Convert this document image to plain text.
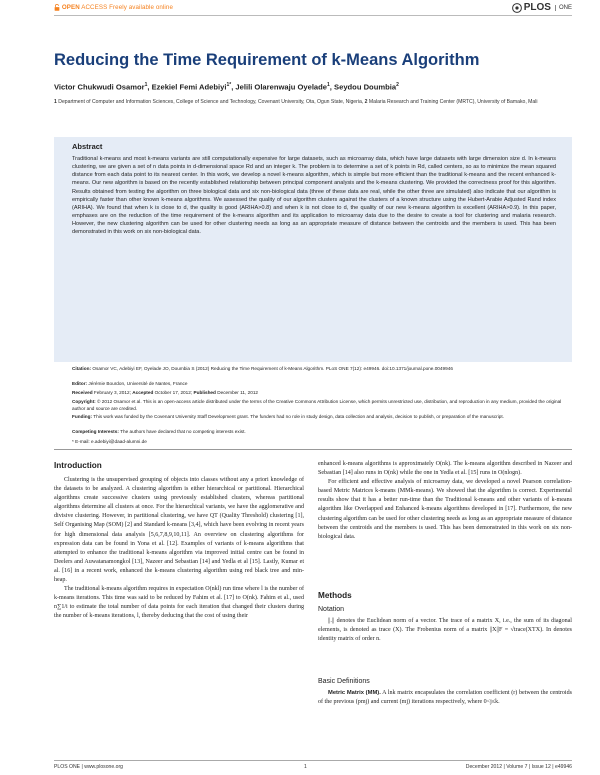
OPEN ACCESS Freely available online	PLOS	ONE
Reducing the Time Requirement of k-Means Algorithm
Victor Chukwudi Osamor$^1$, Ezekiel Femi Adebiyi$^{1*}$, Jelili Olarenwaju Oyelade$^1$, Seydou Doumbia$^2$
1 Department of Computer and Information Sciences, College of Science and Technology, Covenant University, Ota, Ogun State, Nigeria, 2 Malaria Research and Training Center (MRTC), University of Bamako, Mali
Abstract
Traditional k-means and most k-means variants are still computationally expensive for large datasets, such as microarray data, which have large datasets with large dimension size d. In k-means clustering, we are given a set of n data points in d-dimensional space Rd and an integer k. The problem is to determine a set of k points in Rd, called centers, so as to minimize the mean squared distance from each data point to its nearest center. In this work, we develop a novel k-means algorithm, which is simple but more efficient than the traditional k-means and the recent enhanced k-means. Our new algorithm is based on the recently established relationship between principal component analysis and the k-means clustering. We provided the correctness proof for this algorithm. Results obtained from testing the algorithm on three biological data and six non-biological data (three of these data are real, while the other three are simulated) also indicate that our algorithm is empirically faster than other known k-means algorithms. We assessed the quality of our algorithm clusters against the clusters of a known structure using the Hubert-Arabie Adjusted Rand index (ARIHA). We found that when k is close to d, the quality is good (ARIHA>0.8) and when k is not close to d, the quality of our new k-means algorithm is excellent (ARIHA>0.9). In this paper, emphases are on the reduction of the time requirement of the k-means algorithm and its application to microarray data due to the desire to create a tool for clustering and malaria research. However, the new clustering algorithm can be used for other clustering needs as long as an appropriate measure of distance between the centroids and the members is used. This has been demonstrated in this work on six non-biological data.
Citation: Osamor VC, Adebiyi EF, Oyelade JO, Doumbia S (2012) Reducing the Time Requirement of k-Means Algorithm. PLoS ONE 7(12): e49946. doi:10.1371/journal.pone.0049946
Editor: Jérémie Bourdon, Université de Nantes, France
Received February 3, 2012; Accepted October 17, 2012; Published December 11, 2012
Copyright: © 2012 Osamor et al. This is an open-access article distributed under the terms of the Creative Commons Attribution License, which permits unrestricted use, distribution, and reproduction in any medium, provided the original author and source are credited.
Funding: This work was funded by the Covenant University Staff Development grant. The funders had no role in study design, data collection and analysis, decision to publish, or preparation of the manuscript.
Competing Interests: The authors have declared that no competing interests exist.
* E-mail: e.adebiyi@daad-alumni.de
Introduction

Clustering is the unsupervised grouping of objects into classes without any a priori knowledge of the datasets to be analyzed. A clustering algorithm is either hierarchical or partitional. Hierarchical algorithms create successive clusters using previously established clusters, whereas partitional algorithms determine all clusters at once. For the hierarchical variants, we have the agglomerative and divisive clustering. However, in partitional clustering, we have QT (Quality Threshold) clustering [1], Self Organising Map (SOM) [2] and Standard k-means [3,4], which have been evolving in recent years for high dimensional data analysis [5,6,7,8,9,10,11]. An overview on clustering algorithms for expression data can be found in Yona et al. [12]. Examples of variants of k-means algorithms that attempted to enhance the traditional k-means algorithm via improved initial centre can be found in Deelers and Auwatanamongkol [13], Nazeer and Sebastian [14] and Yedla et al [15]. Lastly, Kumar et al. [16] in a recent work, enhanced the k-means clustering algorithm using red black tree and min-heap.

The traditional k-means algorithm requires in expectation O(nkl) run time where l is the number of k-means iterations. This time was said to be reduced by Fahim et al. [17] to O(nk). Fahim et al., used n∑1/i to estimate the total number of data points for each iteration that changed their clusters during the number of k-means iterations, l, thereby deducing that the cost of using their

enhanced k-means algorithms is approximately O(nk). The k-means algorithm described in Nazeer and Sebastian [14] also runs in O(nk) while the one in Yedla et al. [15] runs in O(nlogn).

For efficient and effective analysis of microarray data, we developed a novel Pearson correlation-based Metric Matrices k-means (MMk-means). We showed that the algorithm is correct. Experimental results show that it has a better run-time than the Traditional k-means and other variants of k-means algorithm like Overlapped and Enhanced k-means algorithms developed in [17]. Furthermore, the new clustering algorithm can be used for other clustering needs as long as an appropriate measure of distance between the centroids and the members is used. This has been demonstrated in this work on six non-biological data.

Methods
Notation

||.|| denotes the Euclidean norm of a vector. The trace of a matrix X, i.e., the sum of its diagonal elements, is denoted as trace (X). The Frobenius norm of a matrix ||X||F = √trace(XTX). In denotes identity matrix of order n.

Basic Definitions

Metric Matrix (MM). A lnk matrix encapsulates the correlation coefficient (r) between the centroids of the previous (pmj) and current (mj) iterations respectively, where 0<j≤k.

PLOS ONE | www.plosone.org	1	December 2012 | Volume 7 | Issue 12 | e49946
